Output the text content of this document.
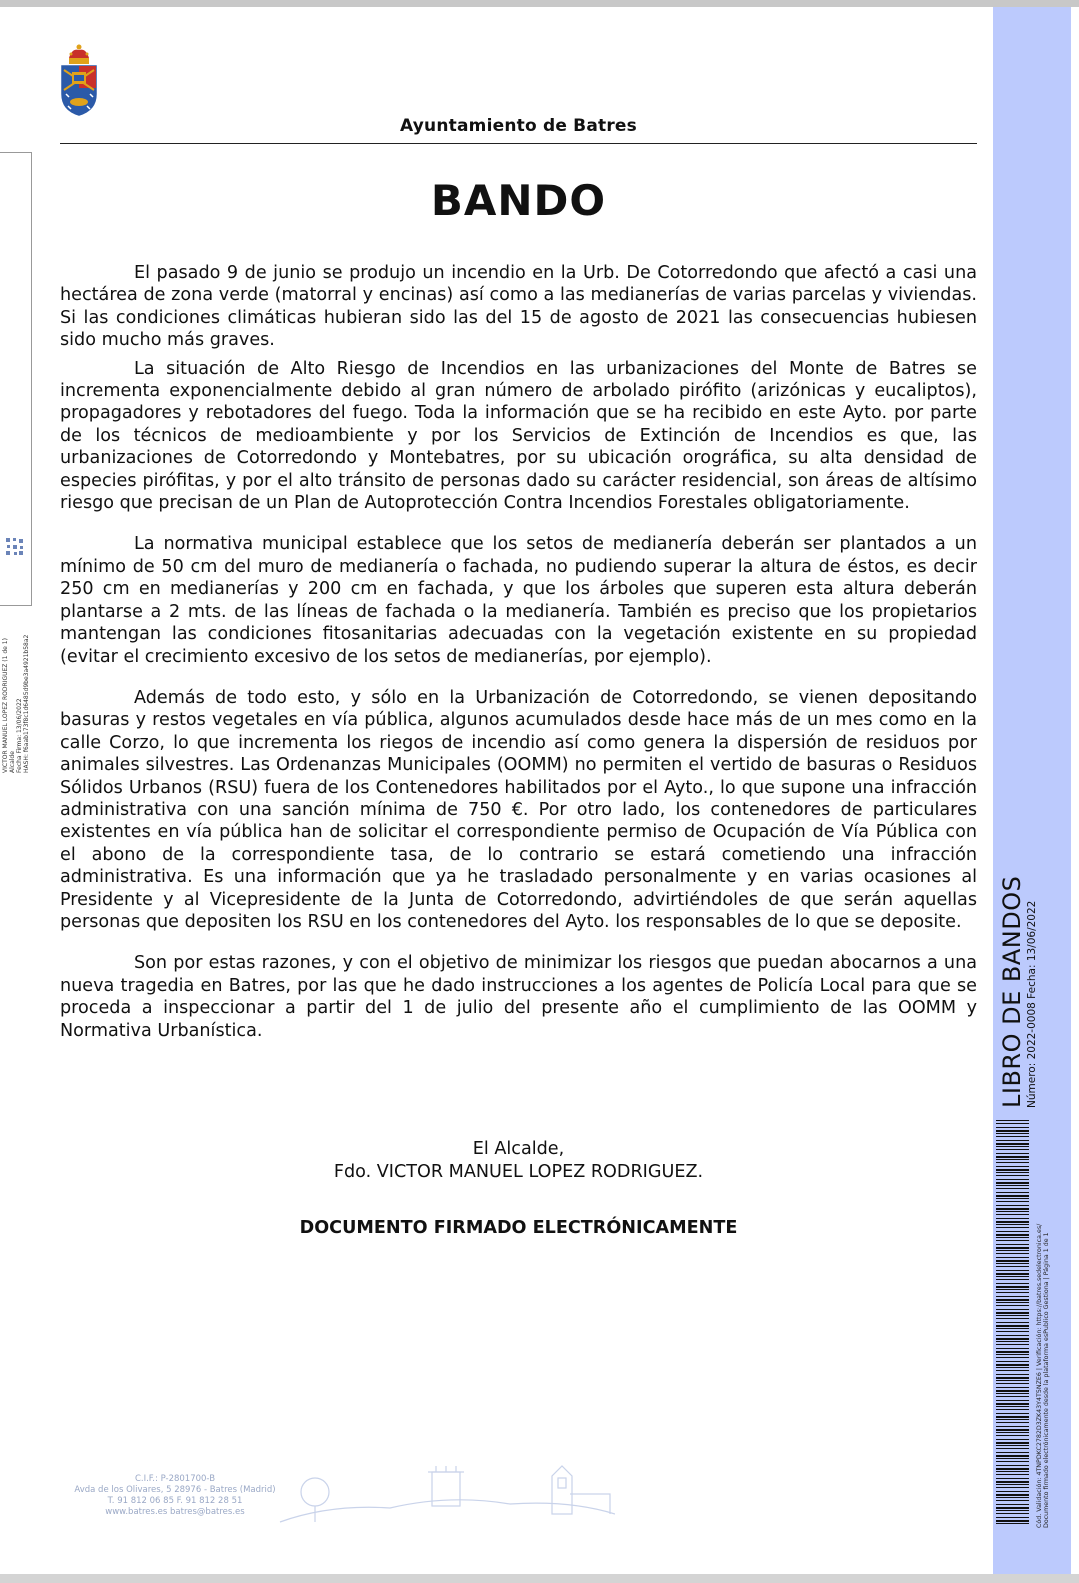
Ayuntamiento de Batres
BANDO

El pasado 9 de junio se produjo un incendio en la Urb. De Cotorredondo que afectó a casi una hectárea de zona verde (matorral y encinas) así como a las medianerías de varias parcelas y viviendas. Si las condiciones climáticas hubieran sido las del 15 de agosto de 2021 las consecuencias hubiesen sido mucho más graves.

La situación de Alto Riesgo de Incendios en las urbanizaciones del Monte de Batres se incrementa exponencialmente debido al gran número de arbolado pirófito (arizónicas y eucaliptos), propagadores y rebotadores del fuego. Toda la información que se ha recibido en este Ayto. por parte de los técnicos de medioambiente y por los Servicios de Extinción de Incendios es que, las urbanizaciones de Cotorredondo y Montebatres, por su ubicación orográfica, su alta densidad de especies pirófitas, y por el alto tránsito de personas dado su carácter residencial, son áreas de altísimo riesgo que precisan de un Plan de Autoprotección Contra Incendios Forestales obligatoriamente.

La normativa municipal establece que los setos de medianería deberán ser plantados a un mínimo de 50 cm del muro de medianería o fachada, no pudiendo superar la altura de éstos, es decir 250 cm en medianerías y 200 cm en fachada, y que los árboles que superen esta altura deberán plantarse a 2 mts. de las líneas de fachada o la medianería. También es preciso que los propietarios mantengan las condiciones fitosanitarias adecuadas con la vegetación existente en su propiedad (evitar el crecimiento excesivo de los setos de medianerías, por ejemplo).

Además de todo esto, y sólo en la Urbanización de Cotorredondo, se vienen depositando basuras y restos vegetales en vía pública, algunos acumulados desde hace más de un mes como en la calle Corzo, lo que incrementa los riegos de incendio así como genera la dispersión de residuos por animales silvestres. Las Ordenanzas Municipales (OOMM) no permiten el vertido de basuras o Residuos Sólidos Urbanos (RSU) fuera de los Contenedores habilitados por el Ayto., lo que supone una infracción administrativa con una sanción mínima de 750 €. Por otro lado, los contenedores de particulares existentes en vía pública han de solicitar el correspondiente permiso de Ocupación de Vía Pública con el abono de la correspondiente tasa, de lo contrario se estará cometiendo una infracción administrativa. Es una información que ya he trasladado personalmente y en varias ocasiones al Presidente y al Vicepresidente de la Junta de Cotorredondo, advirtiéndoles de que serán aquellas personas que depositen los RSU en los contenedores del Ayto. los responsables de lo que se deposite.

Son por estas razones, y con el objetivo de minimizar los riesgos que puedan abocarnos a una nueva tragedia en Batres, por las que he dado instrucciones a los agentes de Policía Local para que se proceda a inspeccionar a partir del 1 de julio del presente año el cumplimiento de las OOMM y Normativa Urbanística.

El Alcalde,
Fdo. VICTOR MANUEL LOPEZ RODRIGUEZ.
DOCUMENTO FIRMADO ELECTRÓNICAMENTE
VICTOR MANUEL LOPEZ RODRIGUEZ (1 de 1) Alcalde Fecha Firma: 13/06/2022 HASH: f6aab173f8c1d6485d9be3a4921b58a2
LIBRO DE BANDOS Número: 2022-0008 Fecha: 13/06/2022
Cód. Validación: 4TNPDKC2782D3ZK43Y4T5NZE6 | Verificación: https://batres.sedelectronica.es/ Documento firmado electrónicamente desde la plataforma esPublico Gestiona | Página 1 de 1
C.I.F.: P-2801700-B
Avda de los Olivares, 5 28976 - Batres (Madrid)
T. 91 812 06 85 F. 91 812 28 51
www.batres.es batres@batres.es
